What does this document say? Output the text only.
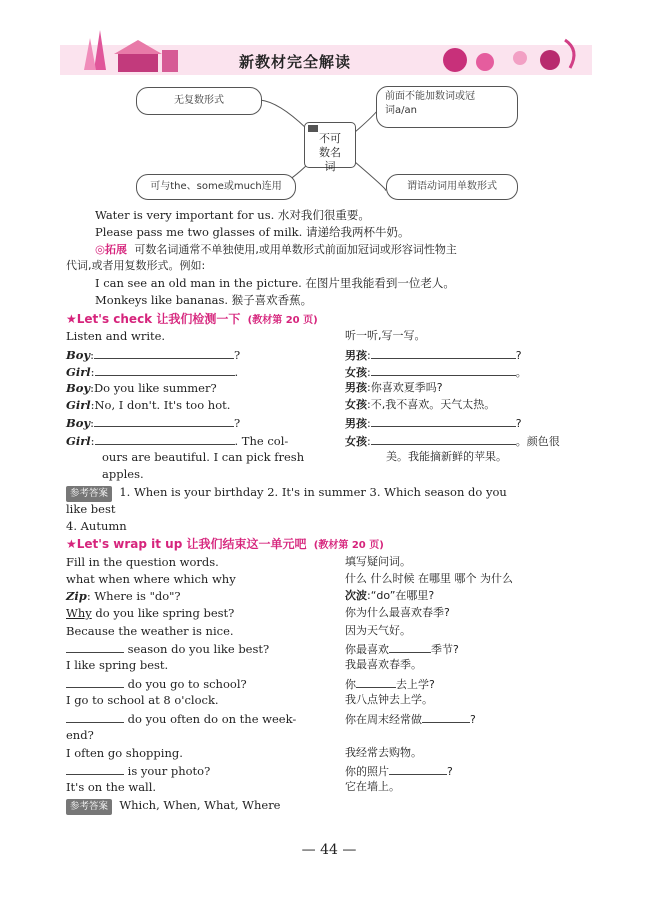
新教材完全解读
无复数形式	前面不能加数词或冠
词a/an
不可数名词
可与the、some或much连用	谓语动词用单数形式
Water is very important for us. 水对我们很重要。
Please pass me two glasses of milk. 请递给我两杯牛奶。
◎拓展 可数名词通常不单独使用,或用单数形式前面加冠词或形容词性物主
代词,或者用复数形式。例如:
I can see an old man in the picture. 在图片里我能看到一位老人。
Monkeys like bananas. 猴子喜欢香蕉。
★Let's check 让我们检测一下 (教材第 20 页)
Listen and write.	听一听,写一写。
Boy:	?	男孩:	?
Girl:	.	女孩:	。
Boy:Do you like summer?	男孩:你喜欢夏季吗?
Girl:No, I don't. It's too hot.	女孩:不,我不喜欢。天气太热。
Boy:	?	男孩:	?
Girl:	. The col-
ours are beautiful. I can pick fresh
apples.
女孩:	。颜色很
美。我能摘新鲜的苹果。
参考答案 1. When is your birthday 2. It's in summer 3. Which season do you
like best
4. Autumn
★Let's wrap it up 让我们结束这一单元吧 (教材第 20 页)
Fill in the question words.	填写疑问词。
what when where which why	什么 什么时候 在哪里 哪个 为什么
Zip: Where is "do"?	次波:“do”在哪里?
Why do you like spring best?	你为什么最喜欢春季?
Because the weather is nice.	因为天气好。
season do you like best?	你最喜欢	季节?
I like spring best.	我最喜欢春季。
do you go to school?	你	去上学?
I go to school at 8 o'clock.	我八点钟去上学。
do you often do on the week-
end?
你在周末经常做	?
I often go shopping.	我经常去购物。
is your photo?	你的照片	?
It's on the wall.	它在墙上。
参考答案 Which, When, What, Where
— 44 —
